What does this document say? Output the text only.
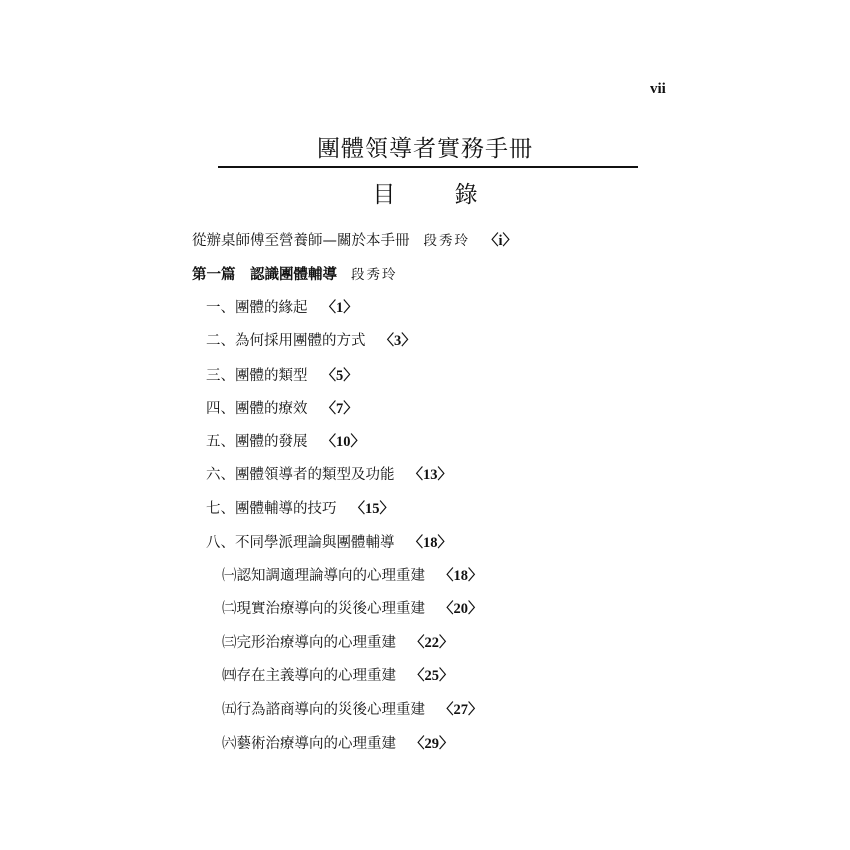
vii
團體領導者實務手冊
目 錄
從辦桌師傅至營養師—關於本手冊 段秀玲 〈i〉
第一篇　認識團體輔導 段秀玲
一、團體的緣起 〈1〉
二、為何採用團體的方式 〈3〉
三、團體的類型 〈5〉
四、團體的療效 〈7〉
五、團體的發展 〈10〉
六、團體領導者的類型及功能 〈13〉
七、團體輔導的技巧 〈15〉
八、不同學派理論與團體輔導 〈18〉
㈠認知調適理論導向的心理重建 〈18〉
㈡現實治療導向的災後心理重建 〈20〉
㈢完形治療導向的心理重建 〈22〉
㈣存在主義導向的心理重建 〈25〉
㈤行為諮商導向的災後心理重建 〈27〉
㈥藝術治療導向的心理重建 〈29〉
